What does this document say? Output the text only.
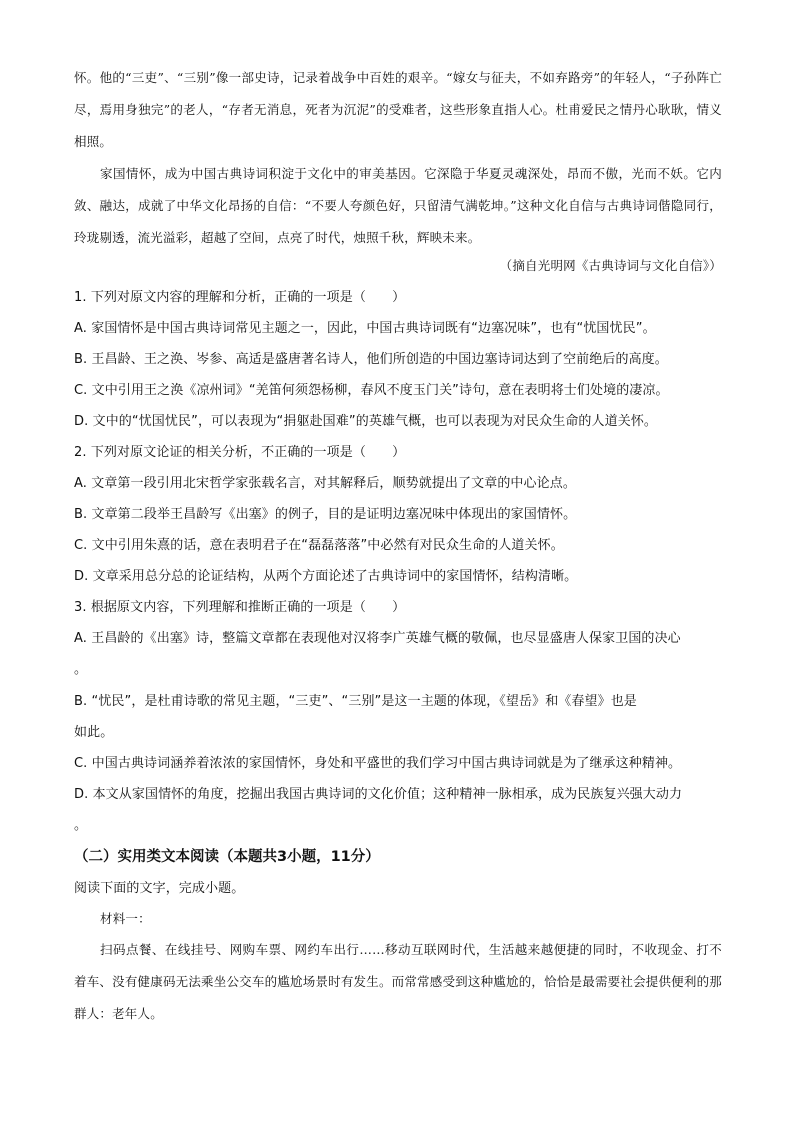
怀。他的“三吏”、“三别”像一部史诗，记录着战争中百姓的艰辛。“嫁女与征夫，不如弃路旁”的年轻人，“子孙阵亡尽，焉用身独完”的老人，“存者无消息，死者为沉泥”的受难者，这些形象直指人心。杜甫爱民之情丹心耿耿，情义相照。

家国情怀，成为中国古典诗词积淀于文化中的审美基因。它深隐于华夏灵魂深处，昂而不傲，光而不妖。它内敛、融达，成就了中华文化昂扬的自信：“不要人夸颜色好，只留清气满乾坤。”这种文化自信与古典诗词偕隐同行，玲珑剔透，流光溢彩，超越了空间，点亮了时代，烛照千秋，辉映未来。

（摘自光明网《古典诗词与文化自信》）

1. 下列对原文内容的理解和分析，正确的一项是（　　）
A. 家国情怀是中国古典诗词常见主题之一，因此，中国古典诗词既有“边塞况味”，也有“忧国忧民”。
B. 王昌龄、王之涣、岑参、高适是盛唐著名诗人，他们所创造的中国边塞诗词达到了空前绝后的高度。
C. 文中引用王之涣《凉州词》“羌笛何须怨杨柳，春风不度玉门关”诗句，意在表明将士们处境的凄凉。
D. 文中的“忧国忧民”，可以表现为“捐躯赴国难”的英雄气概，也可以表现为对民众生命的人道关怀。
2. 下列对原文论证的相关分析，不正确的一项是（　　）
A. 文章第一段引用北宋哲学家张载名言，对其解释后，顺势就提出了文章的中心论点。
B. 文章第二段举王昌龄写《出塞》的例子，目的是证明边塞况味中体现出的家国情怀。
C. 文中引用朱熹的话，意在表明君子在“磊磊落落”中必然有对民众生命的人道关怀。
D. 文章采用总分总的论证结构，从两个方面论述了古典诗词中的家国情怀，结构清晰。
3. 根据原文内容，下列理解和推断正确的一项是（　　）
A. 王昌龄的《出塞》诗，整篇文章都在表现他对汉将李广英雄气概的敬佩，也尽显盛唐人保家卫国的决心
。
B. “忧民”，是杜甫诗歌的常见主题，“三吏”、“三别”是这一主题的体现，《望岳》和《春望》也是
如此。
C. 中国古典诗词涵养着浓浓的家国情怀，身处和平盛世的我们学习中国古典诗词就是为了继承这种精神。
D. 本文从家国情怀的角度，挖掘出我国古典诗词的文化价值；这种精神一脉相承，成为民族复兴强大动力
。
（二）实用类文本阅读（本题共3小题，11分）
阅读下面的文字，完成小题。
材料一：

扫码点餐、在线挂号、网购车票、网约车出行……移动互联网时代，生活越来越便捷的同时，不收现金、打不着车、没有健康码无法乘坐公交车的尴尬场景时有发生。而常常感受到这种尴尬的，恰恰是最需要社会提供便利的那群人：老年人。
